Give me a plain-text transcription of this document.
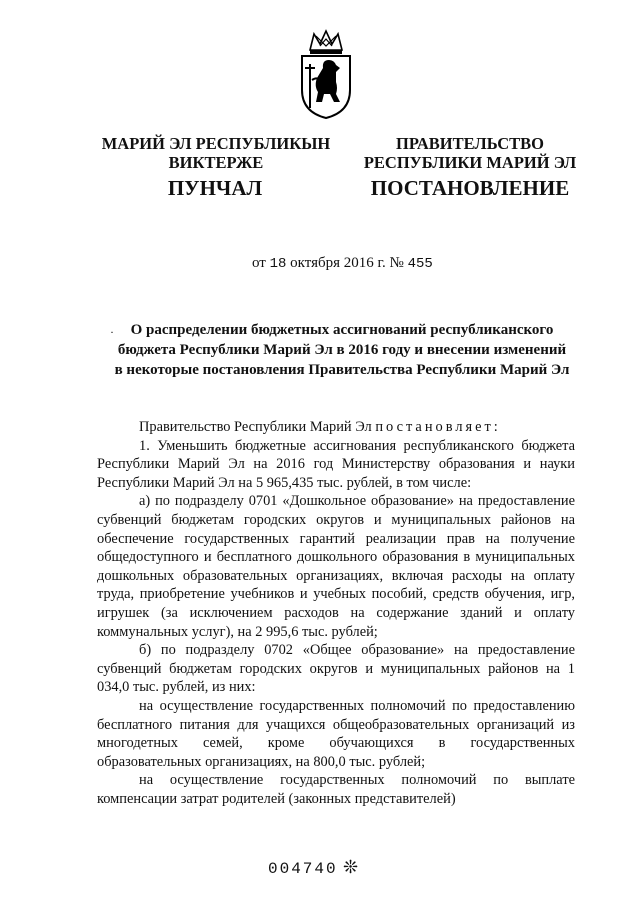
МАРИЙ ЭЛ РЕСПУБЛИКЫН
ВИКТЕРЖЕ
ПРАВИТЕЛЬСТВО
РЕСПУБЛИКИ МАРИЙ ЭЛ
ПУНЧАЛ	ПОСТАНОВЛЕНИЕ
от 18 октября 2016 г. № 455
·	О распределении бюджетных ассигнований республиканского
бюджета Республики Марий Эл в 2016 году и внесении изменений
в некоторые постановления Правительства Республики Марий Эл

Правительство Республики Марий Эл постановляет:

1. Уменьшить бюджетные ассигнования республиканского бюджета Республики Марий Эл на 2016 год Министерству образования и науки Республики Марий Эл на 5 965,435 тыс. рублей, в том числе:

а) по подразделу 0701 «Дошкольное образование» на предоставление субвенций бюджетам городских округов и муниципальных районов на обеспечение государственных гарантий реализации прав на получение общедоступного и бесплатного дошкольного образования в муниципальных дошкольных образовательных организациях, включая расходы на оплату труда, приобретение учебников и учебных пособий, средств обучения, игр, игрушек (за исключением расходов на содержание зданий и оплату коммунальных услуг), на 2 995,6 тыс. рублей;

б) по подразделу 0702 «Общее образование» на предоставление субвенций бюджетам городских округов и муниципальных районов на 1 034,0 тыс. рублей, из них:

на осуществление государственных полномочий по предоставлению бесплатного питания для учащихся общеобразовательных организаций из многодетных семей, кроме обучающихся в государственных образовательных организациях, на 800,0 тыс. рублей;

на осуществление государственных полномочий по выплате компенсации затрат родителей (законных представителей)

004740 ❊
